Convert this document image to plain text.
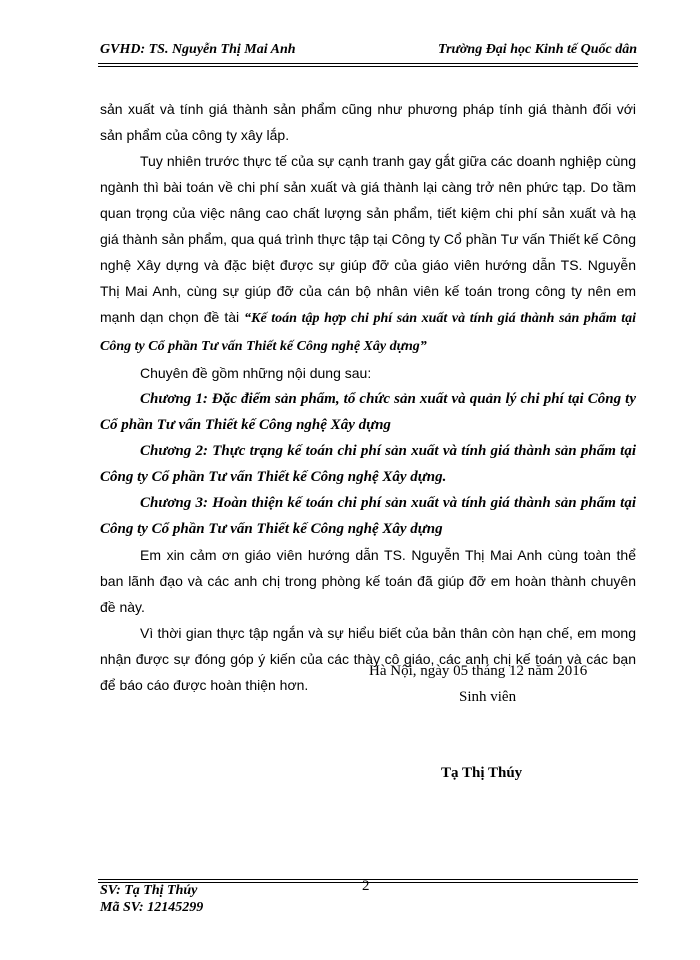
GVHD: TS. Nguyễn Thị Mai Anh	Trường Đại học Kinh tế Quốc dân

sản xuất và tính giá thành sản phẩm cũng như phương pháp tính giá thành đối với sản phẩm của công ty xây lắp.

Tuy nhiên trước thực tế của sự cạnh tranh gay gắt giữa các doanh nghiệp cùng ngành thì bài toán về chi phí sản xuất và giá thành lại càng trở nên phức tạp. Do tầm quan trọng của việc nâng cao chất lượng sản phẩm, tiết kiệm chi phí sản xuất và hạ giá thành sản phẩm, qua quá trình thực tập tại Công ty Cổ phần Tư vấn Thiết kế Công nghệ Xây dựng và đặc biệt được sự giúp đỡ của giáo viên hướng dẫn TS. Nguyễn Thị Mai Anh, cùng sự giúp đỡ của cán bộ nhân viên kế toán trong công ty nên em mạnh dạn chọn đề tài “Kế toán tập hợp chi phí sản xuất và tính giá thành sản phẩm tại Công ty Cổ phần Tư vấn Thiết kế Công nghệ Xây dựng”

Chuyên đề gồm những nội dung sau:

Chương 1: Đặc điểm sản phẩm, tổ chức sản xuất và quản lý chi phí tại Công ty Cổ phần Tư vấn Thiết kế Công nghệ Xây dựng

Chương 2: Thực trạng kế toán chi phí sản xuất và tính giá thành sản phẩm tại Công ty Cổ phần Tư vấn Thiết kế Công nghệ Xây dựng.

Chương 3: Hoàn thiện kế toán chi phí sản xuất và tính giá thành sản phẩm tại Công ty Cổ phần Tư vấn Thiết kế Công nghệ Xây dựng

Em xin cảm ơn giáo viên hướng dẫn TS. Nguyễn Thị Mai Anh cùng toàn thể ban lãnh đạo và các anh chị trong phòng kế toán đã giúp đỡ em hoàn thành chuyên đề này.

Vì thời gian thực tập ngắn và sự hiểu biết của bản thân còn hạn chế, em mong nhận được sự đóng góp ý kiến của các thày cô giáo, các anh chị kế toán và các bạn để báo cáo được hoàn thiện hơn.

Hà Nội, ngày 05 tháng 12 năm 2016
Sinh viên
Tạ Thị Thúy
SV: Tạ Thị Thúy
Mã SV: 12145299
2
